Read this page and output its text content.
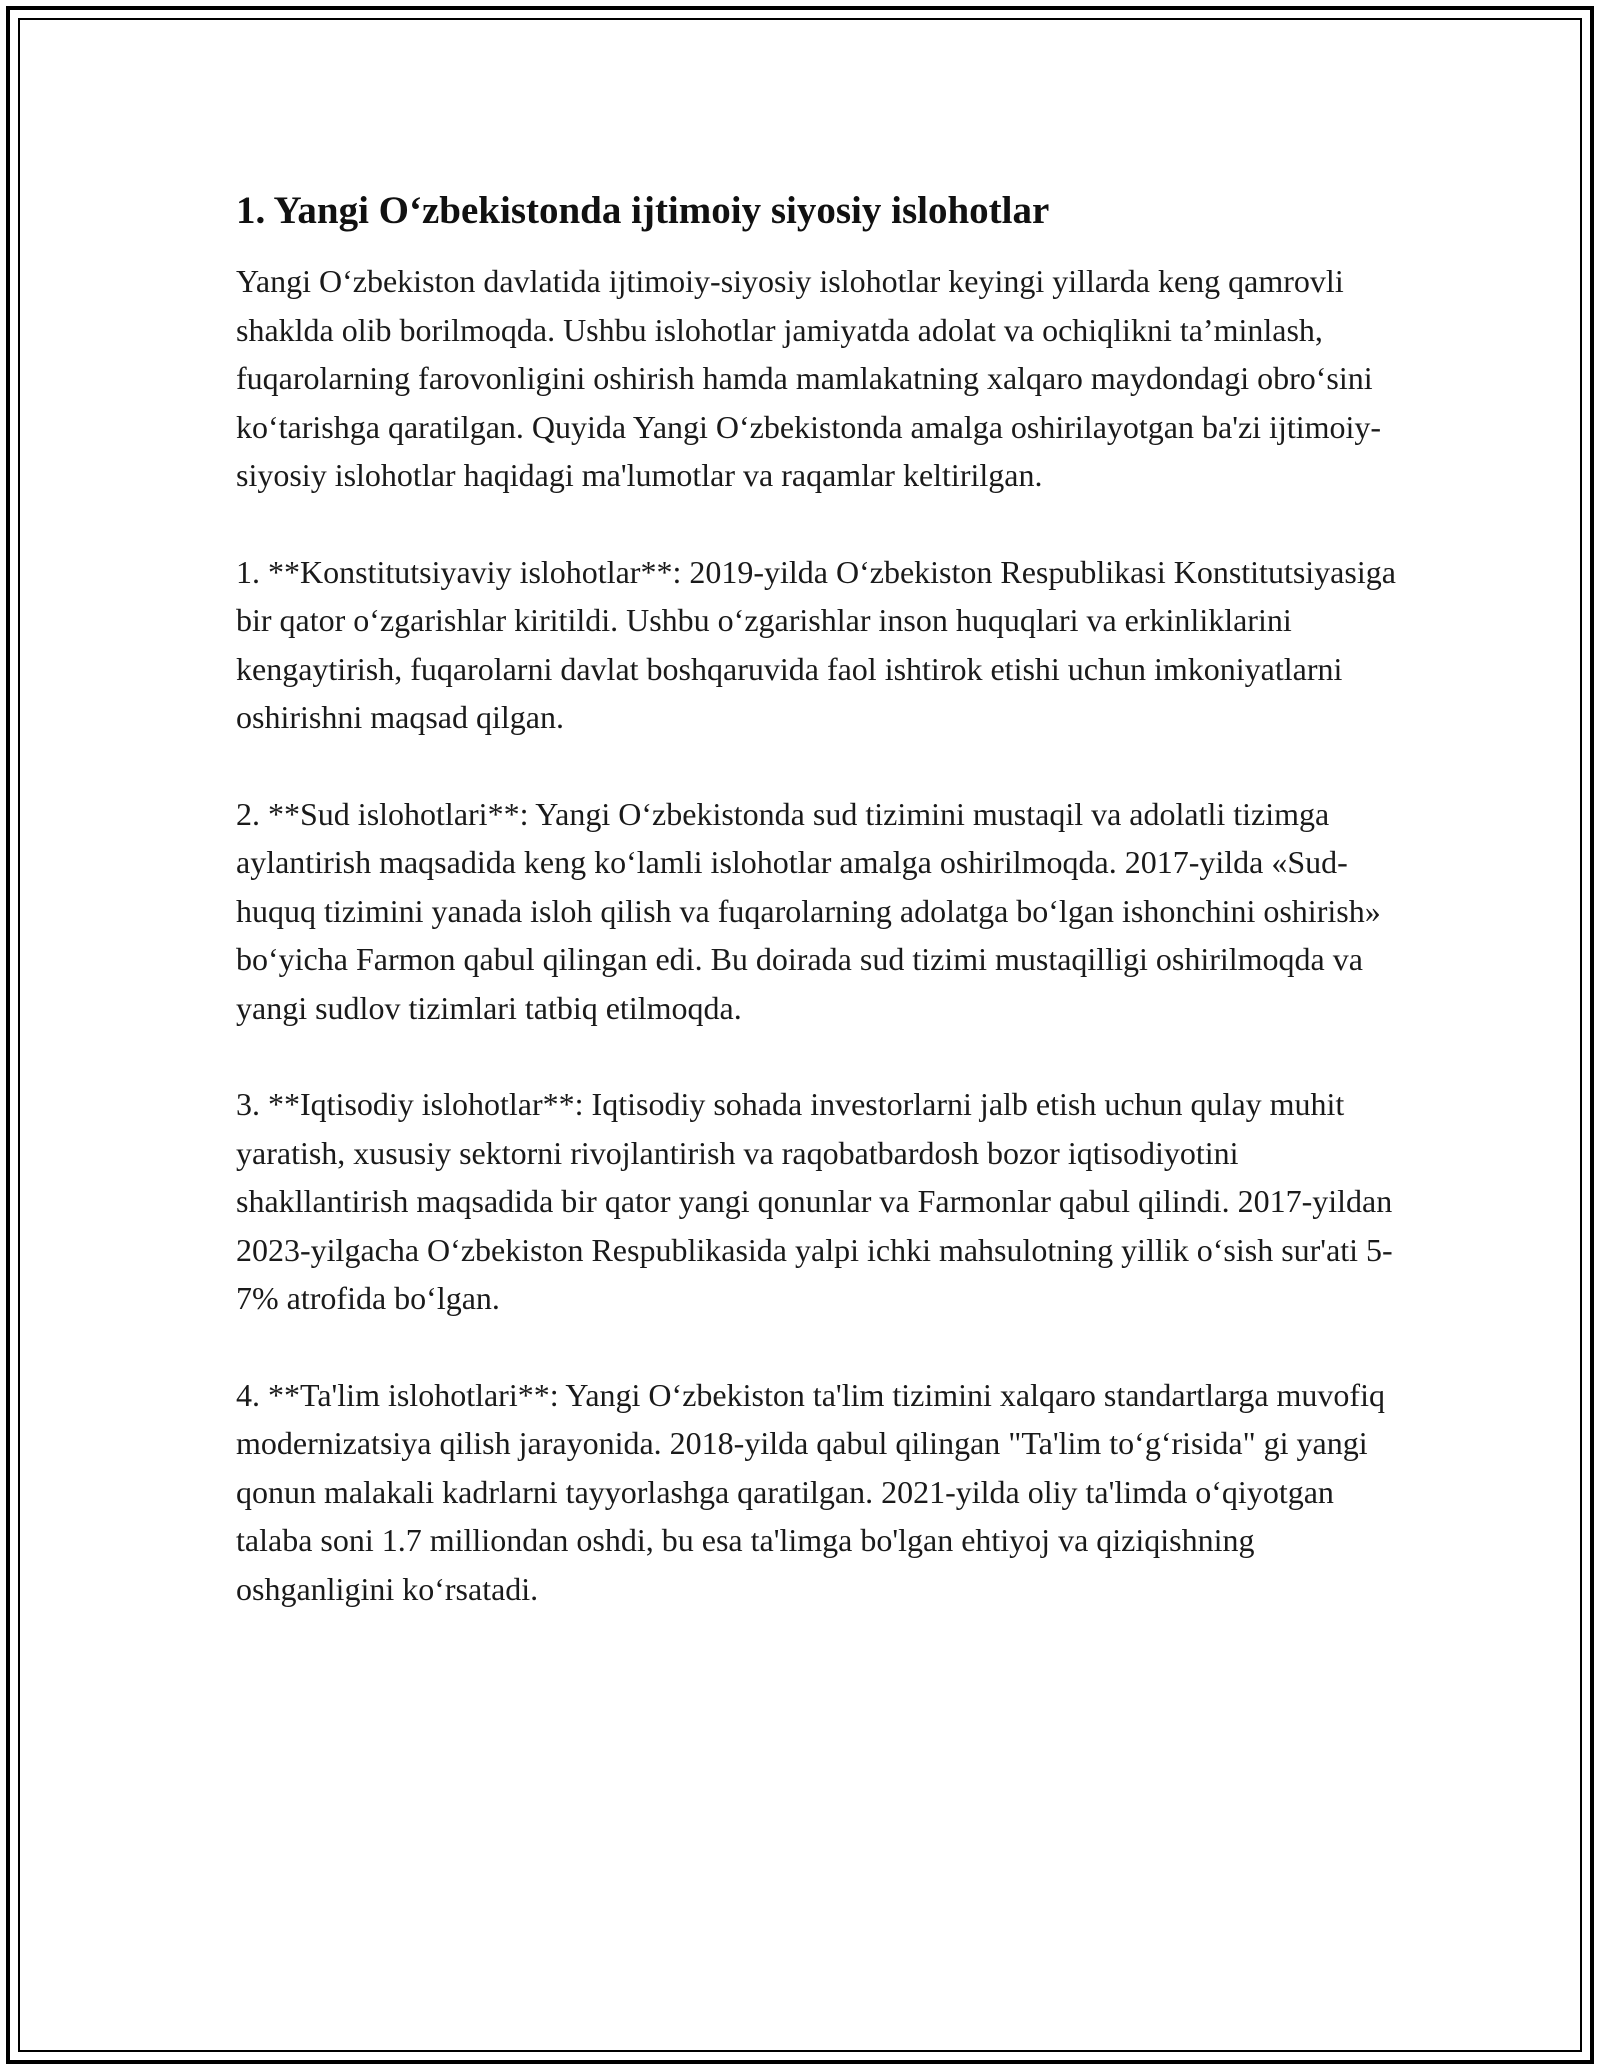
1. Yangi O‘zbekistonda ijtimoiy siyosiy islohotlar

Yangi O‘zbekiston davlatida ijtimoiy-siyosiy islohotlar keyingi yillarda keng qamrovli shaklda olib borilmoqda. Ushbu islohotlar jamiyatda adolat va ochiqlikni ta’minlash, fuqarolarning farovonligini oshirish hamda mamlakatning xalqaro maydondagi obro‘sini ko‘tarishga qaratilgan. Quyida Yangi O‘zbekistonda amalga oshirilayotgan ba'zi ijtimoiy-siyosiy islohotlar haqidagi ma'lumotlar va raqamlar keltirilgan.

1. **Konstitutsiyaviy islohotlar**: 2019-yilda O‘zbekiston Respublikasi Konstitutsiyasiga bir qator o‘zgarishlar kiritildi. Ushbu o‘zgarishlar inson huquqlari va erkinliklarini kengaytirish, fuqarolarni davlat boshqaruvida faol ishtirok etishi uchun imkoniyatlarni oshirishni maqsad qilgan.

2. **Sud islohotlari**: Yangi O‘zbekistonda sud tizimini mustaqil va adolatli tizimga aylantirish maqsadida keng ko‘lamli islohotlar amalga oshirilmoqda. 2017-yilda «Sud-huquq tizimini yanada isloh qilish va fuqarolarning adolatga bo‘lgan ishonchini oshirish» bo‘yicha Farmon qabul qilingan edi. Bu doirada sud tizimi mustaqilligi oshirilmoqda va yangi sudlov tizimlari tatbiq etilmoqda.

3. **Iqtisodiy islohotlar**: Iqtisodiy sohada investorlarni jalb etish uchun qulay muhit yaratish, xususiy sektorni rivojlantirish va raqobatbardosh bozor iqtisodiyotini shakllantirish maqsadida bir qator yangi qonunlar va Farmonlar qabul qilindi. 2017-yildan 2023-yilgacha O‘zbekiston Respublikasida yalpi ichki mahsulotning yillik o‘sish sur'ati 5-7% atrofida bo‘lgan.

4. **Ta'lim islohotlari**: Yangi O‘zbekiston ta'lim tizimini xalqaro standartlarga muvofiq modernizatsiya qilish jarayonida. 2018-yilda qabul qilingan "Ta'lim to‘g‘risida" gi yangi qonun malakali kadrlarni tayyorlashga qaratilgan. 2021-yilda oliy ta'limda o‘qiyotgan talaba soni 1.7 milliondan oshdi, bu esa ta'limga bo'lgan ehtiyoj va qiziqishning oshganligini ko‘rsatadi.
